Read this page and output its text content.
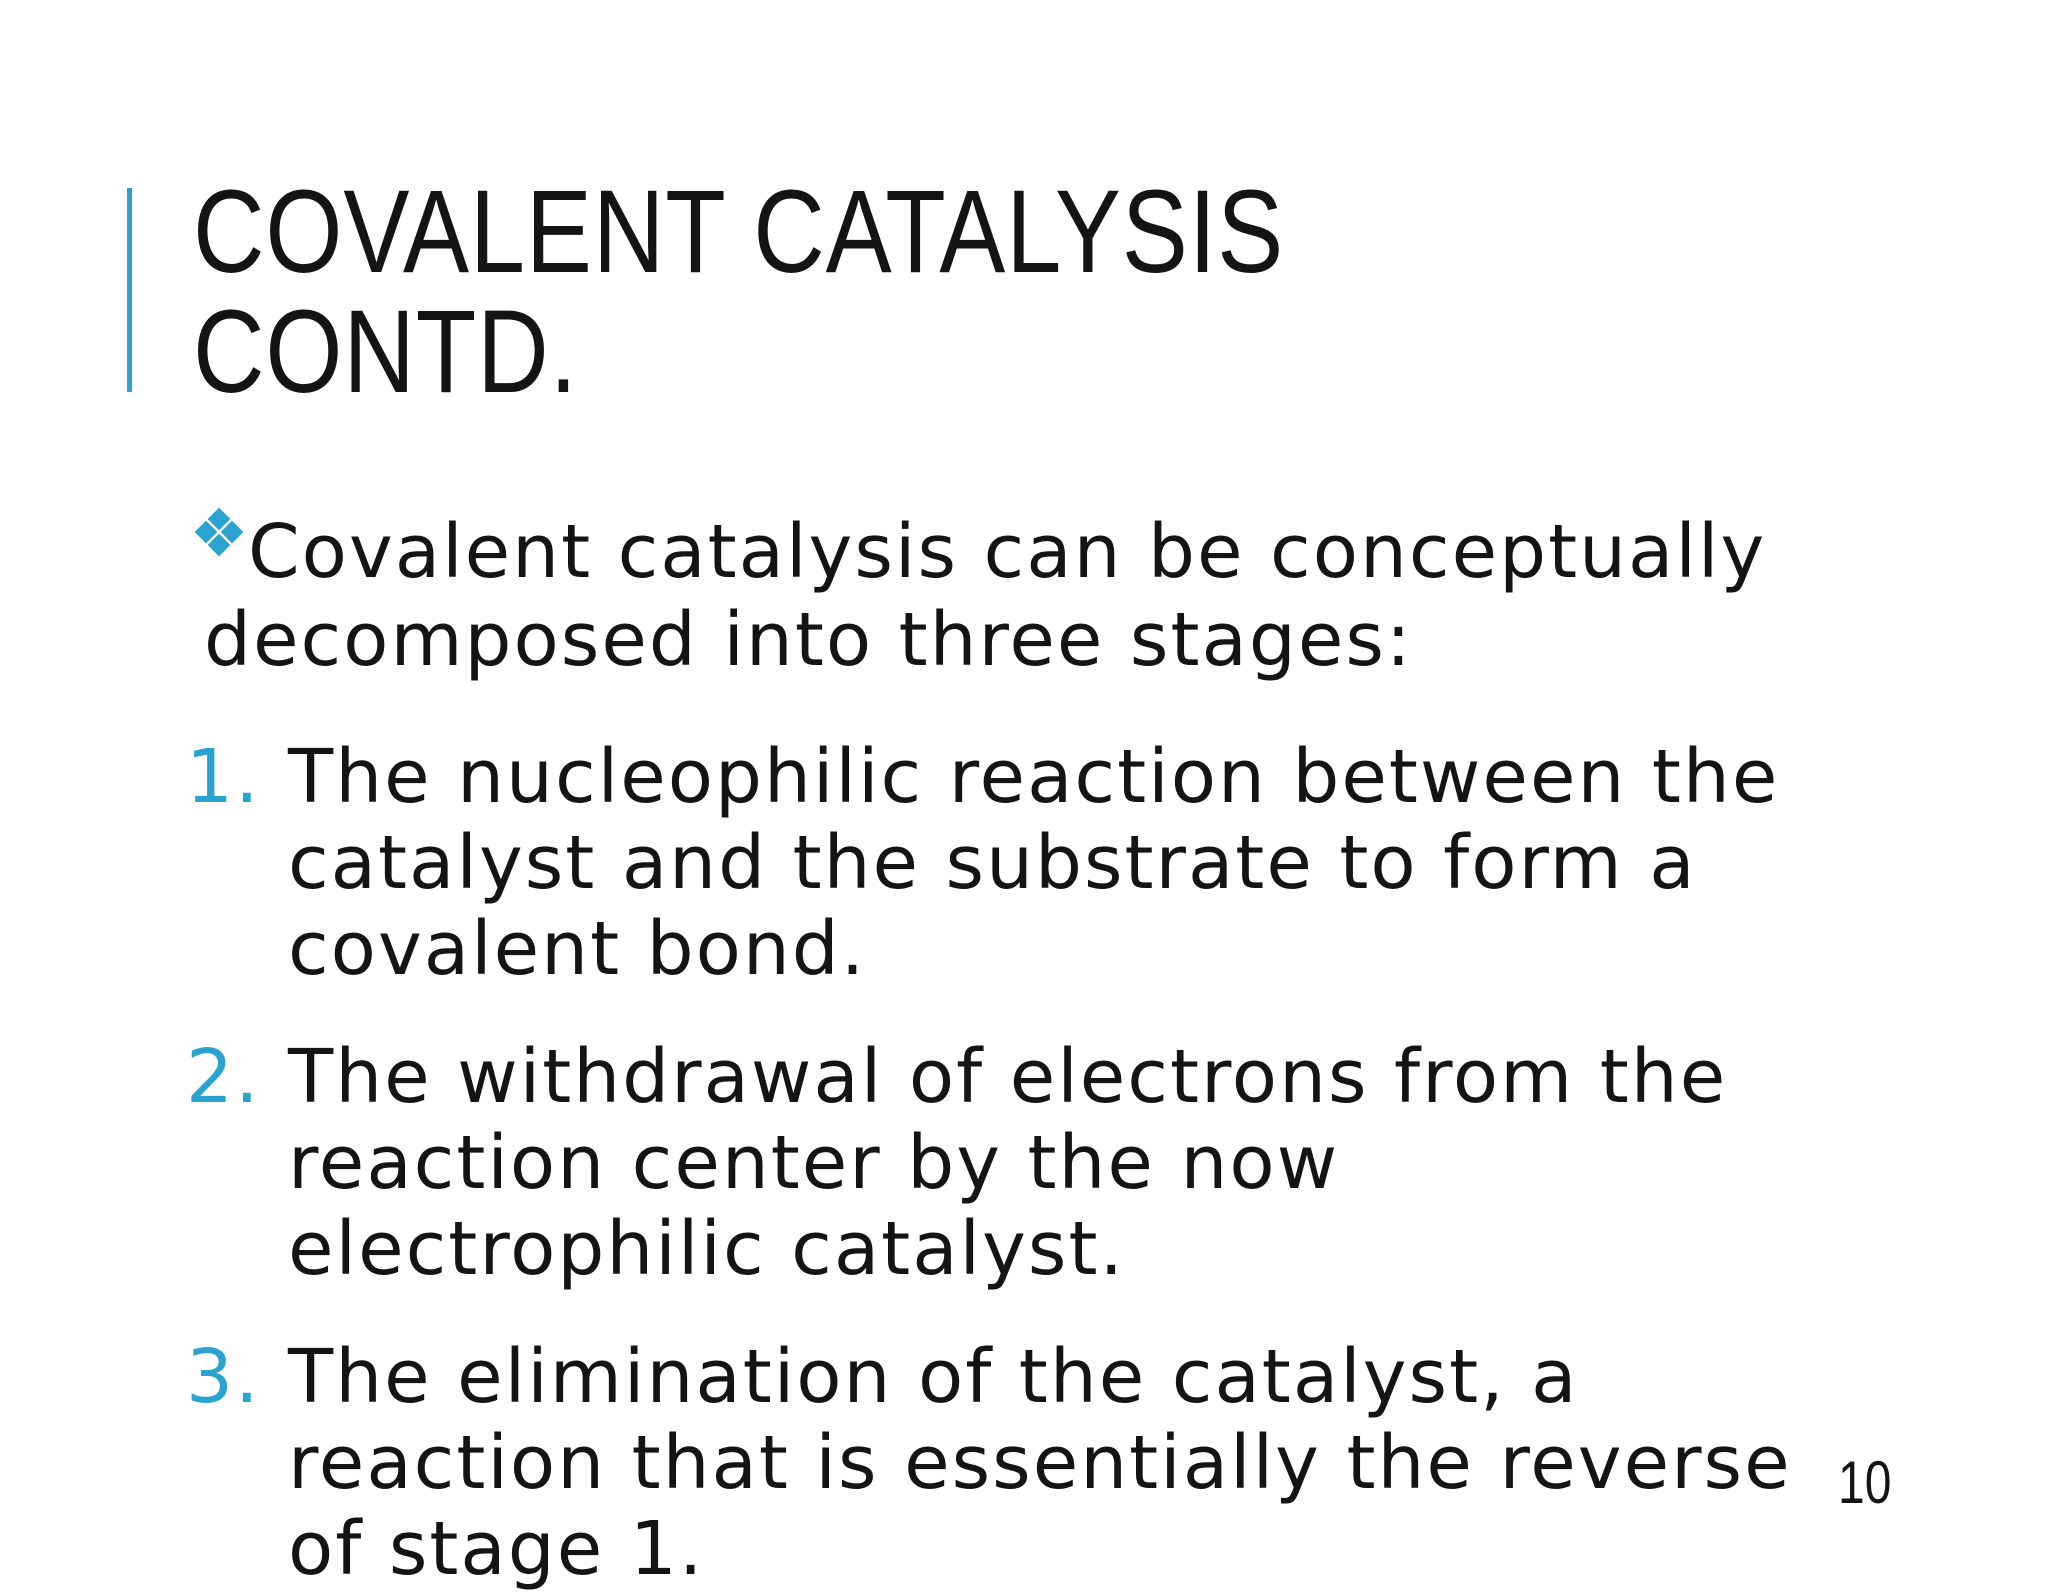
COVALENT CATALYSIS
CONTD.
Covalent catalysis can be conceptually
decomposed into three stages:
1. The nucleophilic reaction between the
catalyst and the substrate to form a
covalent bond.
2. The withdrawal of electrons from the
reaction center by the now
electrophilic catalyst.
3. The elimination of the catalyst, a
reaction that is essentially the reverse
of stage 1.
10
